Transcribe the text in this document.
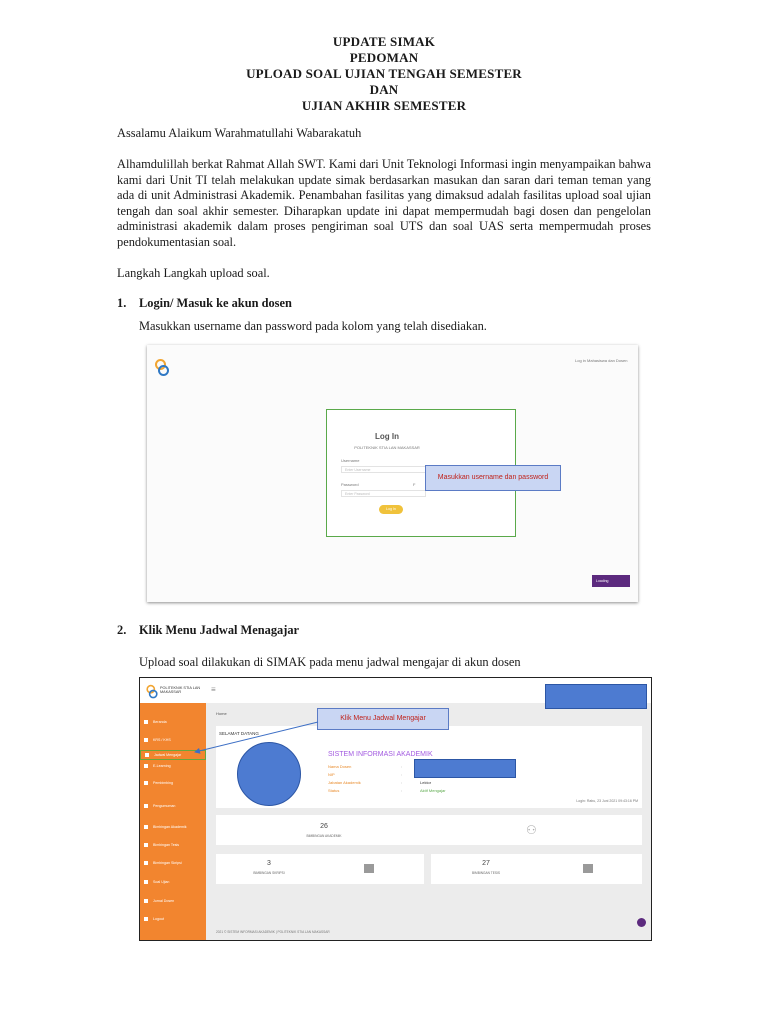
UPDATE SIMAK
PEDOMAN
UPLOAD SOAL UJIAN TENGAH SEMESTER
DAN
UJIAN AKHIR SEMESTER
Assalamu Alaikum Warahmatullahi Wabarakatuh
Alhamdulillah berkat Rahmat Allah SWT. Kami dari Unit Teknologi Informasi ingin menyampaikan bahwa kami dari Unit TI telah melakukan update simak berdasarkan masukan dan saran dari teman teman yang ada di unit Administrasi Akademik. Penambahan fasilitas yang dimaksud adalah fasilitas upload soal ujian tengah dan soal akhir semester. Diharapkan update ini dapat mempermudah bagi dosen dan pengelolan administrasi akademik dalam proses pengiriman soal UTS dan soal UAS serta mempermudah proses pendokumentasian soal.
Langkah Langkah upload soal.
1. Login/ Masuk ke akun dosen
Masukkan username dan password pada kolom yang telah disediakan.
Log in Mahasiswa dan Dosen
Log In
POLITEKNIK STIA LAN MAKASSAR
Username
Enter Username
Password
Enter Password
F
Log In
Masukkan username dan password
Loading
2. Klik Menu Jadwal Menagajar
Upload soal dilakukan di SIMAK pada menu jadwal mengajar di akun dosen
POLITEKNIK STIA LAN MAKASSAR	≡
Beranda
KRS / KHS
Jadwal Mengajar
E-Learning
Pembimbing
Pengumuman
Bimbingan Akademik
Bimbingan Tesis
Bimbingan Skripsi
Soal Ujian
Jurnal Dosen
Logout
Home
SELAMAT DATANG
SISTEM INFORMASI AKADEMIK
Nama Dosen
NIP
Jabatan Akademik
Status
:
:
:
:

Lektor
Aktif Mengajar
Login: Rabu, 23 Juni 2021 09:43:16 PM
26
BIMBINGAN AKADEMIK	⚇
3
BIMBINGAN SKRIPSI
27
BIMBINGAN TESIS
2021 © SISTEM INFORMASI AKADEMIK | POLITEKNIK STIA LAN MAKASSAR
Klik Menu Jadwal Mengajar
